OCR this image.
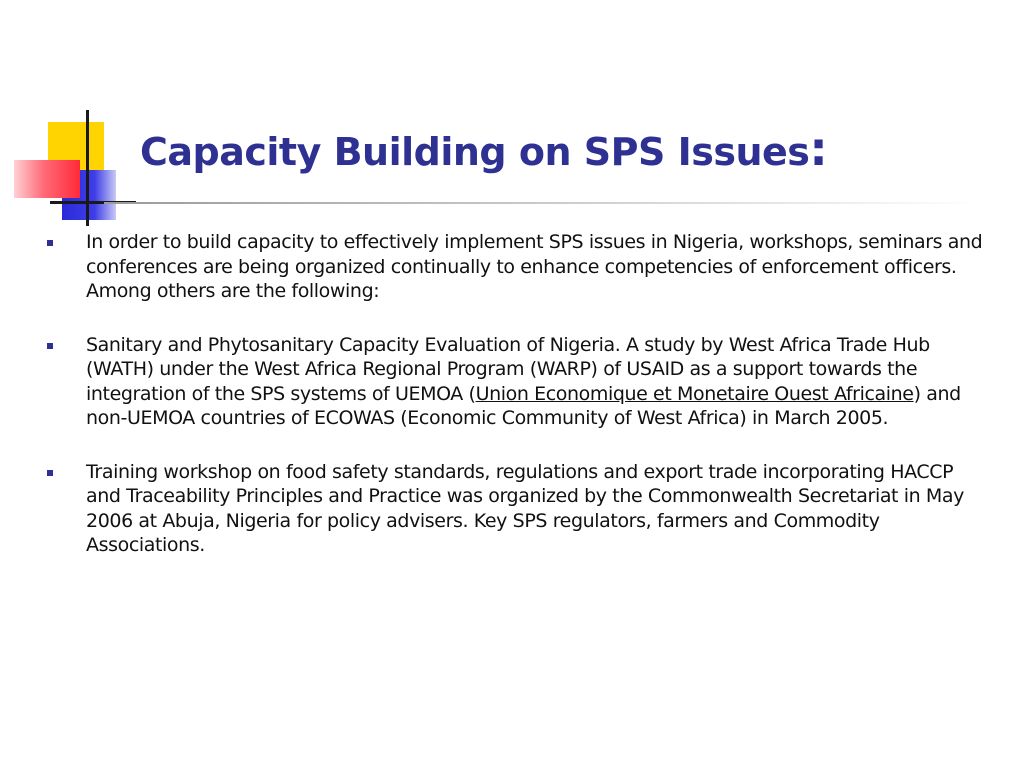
Capacity Building on SPS Issues:
In order to build capacity to effectively implement SPS issues in Nigeria, workshops, seminars and conferences are being organized continually to enhance competencies of enforcement officers. Among others are the following:
Sanitary and Phytosanitary Capacity Evaluation of Nigeria. A study by West Africa Trade Hub (WATH) under the West Africa Regional Program (WARP) of USAID as a support towards the integration of the SPS systems of UEMOA (Union Economique et Monetaire Ouest Africaine) and non-UEMOA countries of ECOWAS (Economic Community of West Africa) in March 2005.
Training workshop on food safety standards, regulations and export trade incorporating HACCP and Traceability Principles and Practice was organized by the Commonwealth Secretariat in May 2006 at Abuja, Nigeria for policy advisers. Key SPS regulators, farmers and Commodity Associations.
